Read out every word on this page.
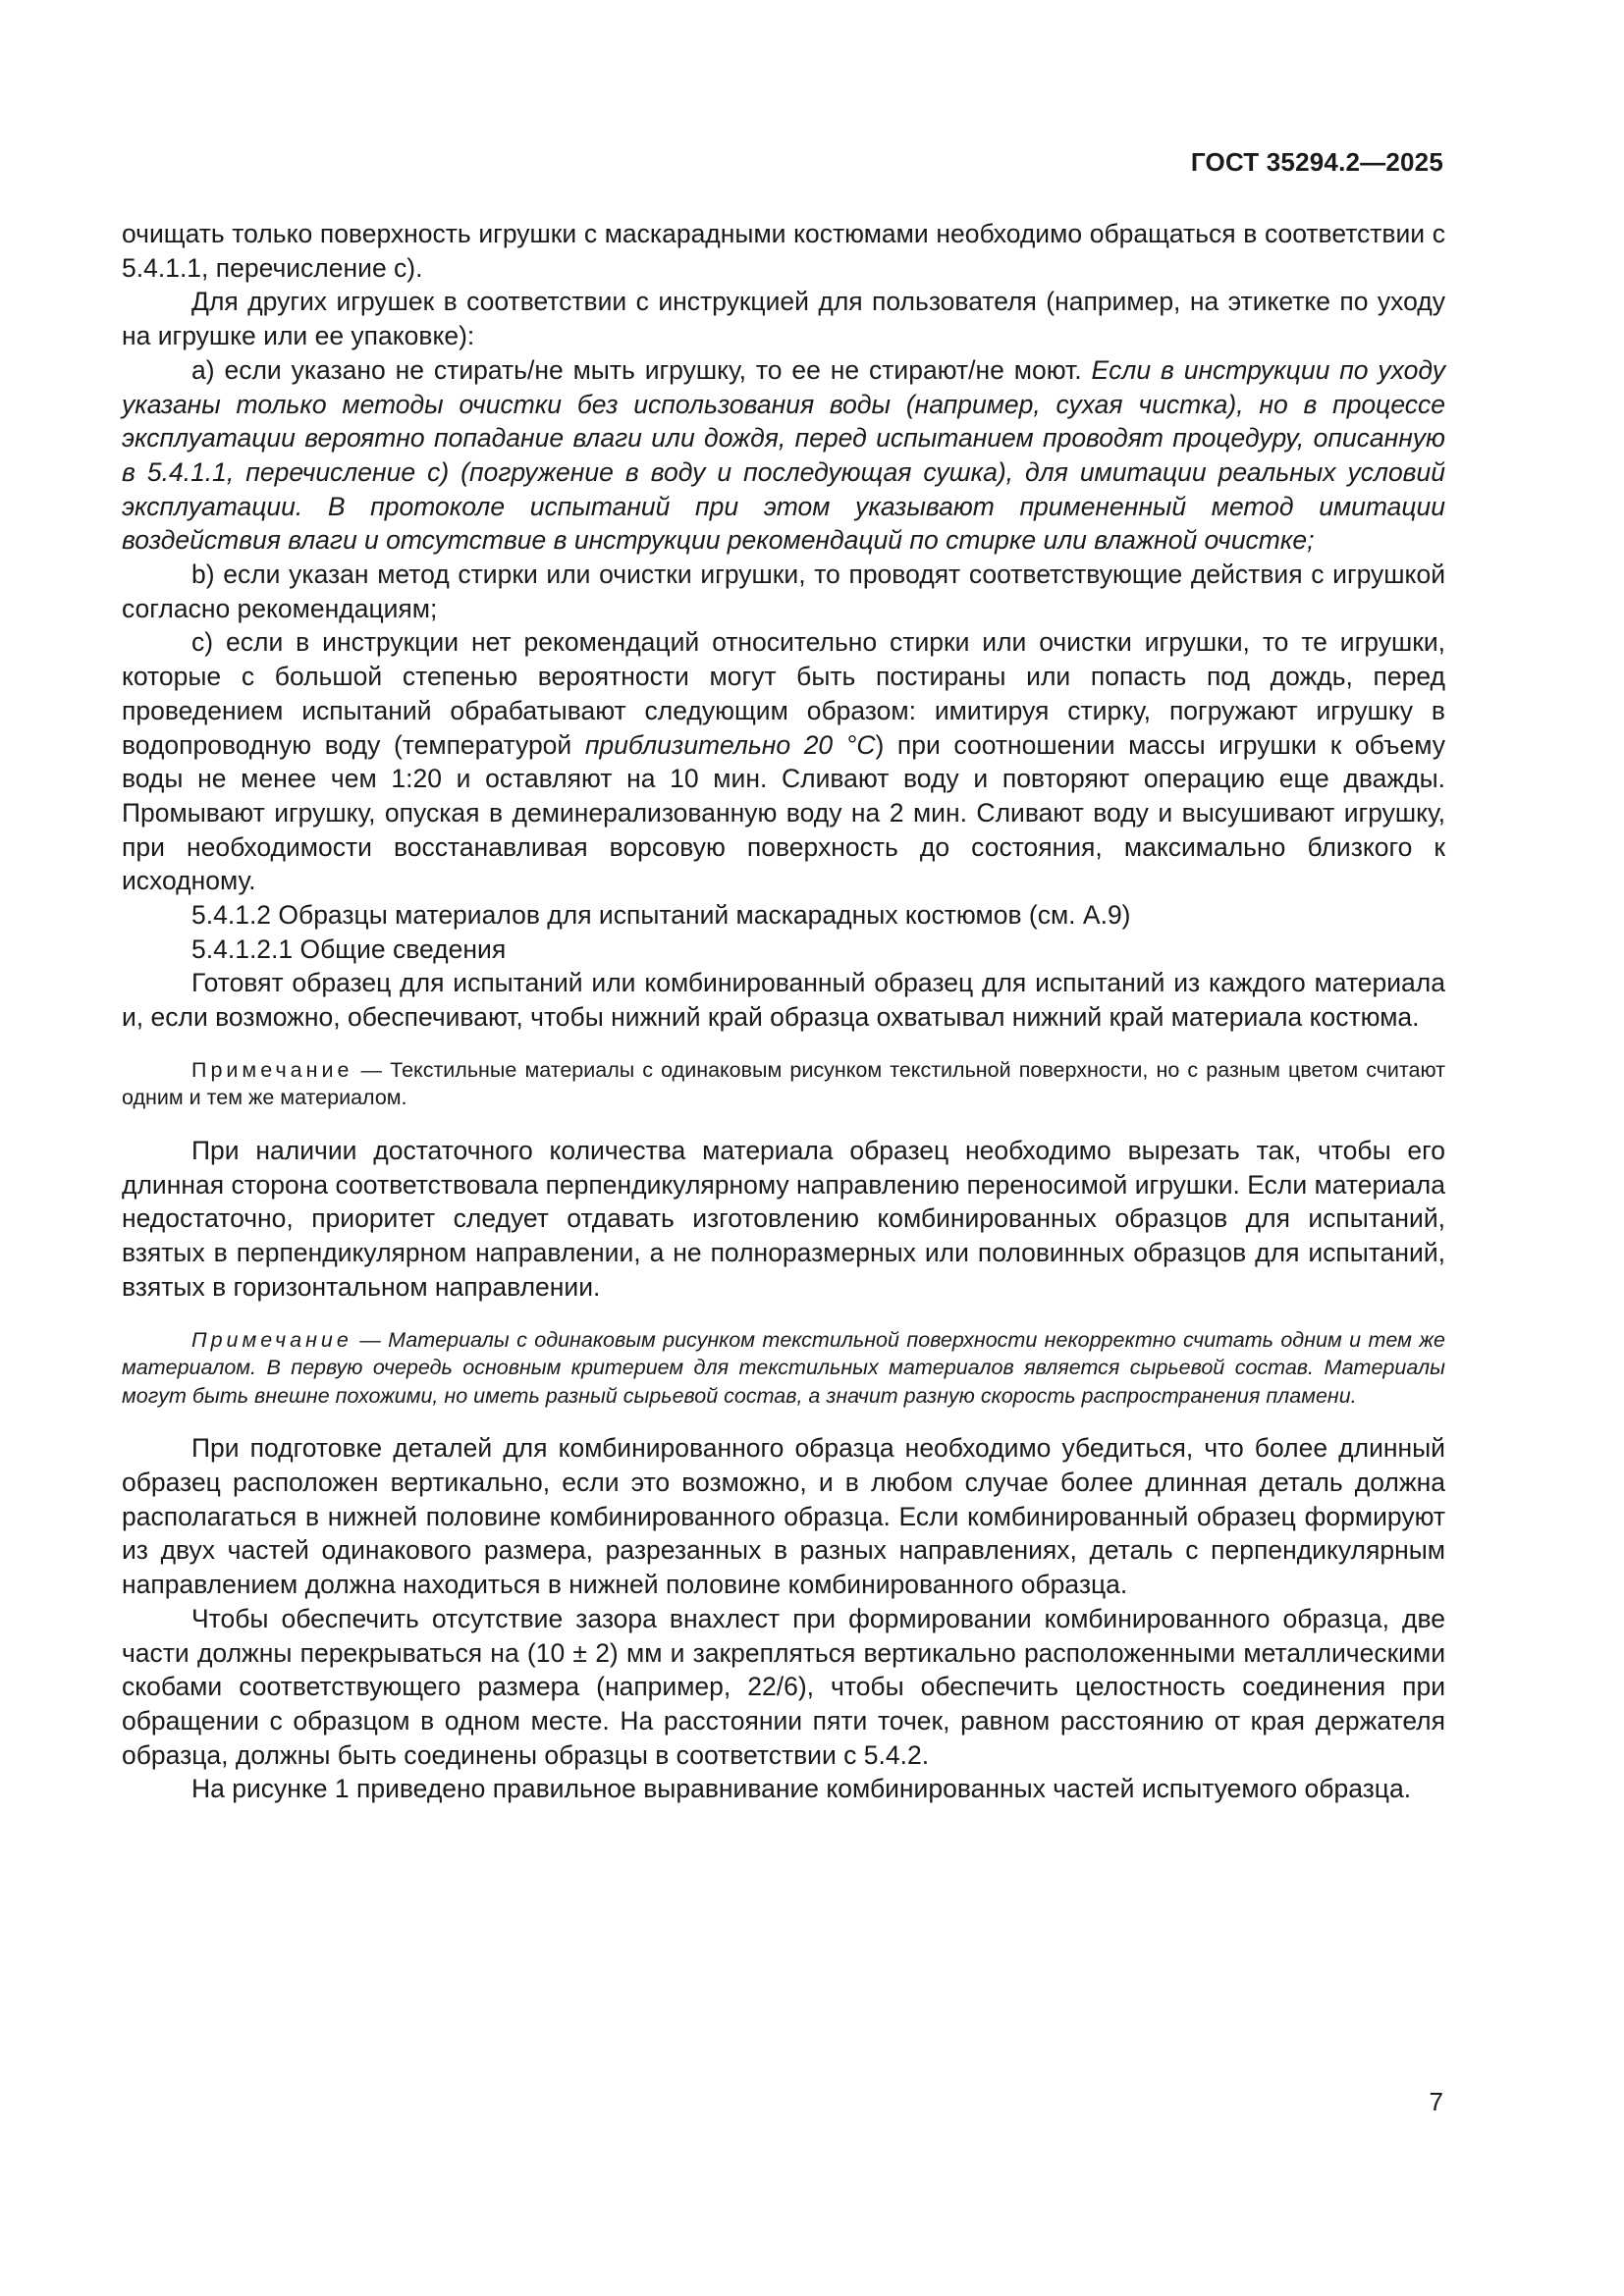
ГОСТ 35294.2—2025

очищать только поверхность игрушки с маскарадными костюмами необходимо обращаться в соответствии с 5.4.1.1, перечисление с).

Для других игрушек в соответствии с инструкцией для пользователя (например, на этикетке по уходу на игрушке или ее упаковке):

а) если указано не стирать/не мыть игрушку, то ее не стирают/не моют. Если в инструкции по уходу указаны только методы очистки без использования воды (например, сухая чистка), но в процессе эксплуатации вероятно попадание влаги или дождя, перед испытанием проводят процедуру, описанную в 5.4.1.1, перечисление с) (погружение в воду и последующая сушка), для имитации реальных условий эксплуатации. В протоколе испытаний при этом указывают примененный метод имитации воздействия влаги и отсутствие в инструкции рекомендаций по стирке или влажной очистке;

b) если указан метод стирки или очистки игрушки, то проводят соответствующие действия с игрушкой согласно рекомендациям;

с) если в инструкции нет рекомендаций относительно стирки или очистки игрушки, то те игрушки, которые с большой степенью вероятности могут быть постираны или попасть под дождь, перед проведением испытаний обрабатывают следующим образом: имитируя стирку, погружают игрушку в водопроводную воду (температурой приблизительно 20 °С) при соотношении массы игрушки к объему воды не менее чем 1:20 и оставляют на 10 мин. Сливают воду и повторяют операцию еще дважды. Промывают игрушку, опуская в деминерализованную воду на 2 мин. Сливают воду и высушивают игрушку, при необходимости восстанавливая ворсовую поверхность до состояния, максимально близкого к исходному.

5.4.1.2 Образцы материалов для испытаний маскарадных костюмов (см. А.9)

5.4.1.2.1 Общие сведения

Готовят образец для испытаний или комбинированный образец для испытаний из каждого материала и, если возможно, обеспечивают, чтобы нижний край образца охватывал нижний край материала костюма.

Примечание — Текстильные материалы с одинаковым рисунком текстильной поверхности, но с разным цветом считают одним и тем же материалом.

При наличии достаточного количества материала образец необходимо вырезать так, чтобы его длинная сторона соответствовала перпендикулярному направлению переносимой игрушки. Если материала недостаточно, приоритет следует отдавать изготовлению комбинированных образцов для испытаний, взятых в перпендикулярном направлении, а не полноразмерных или половинных образцов для испытаний, взятых в горизонтальном направлении.

Примечание — Материалы с одинаковым рисунком текстильной поверхности некорректно считать одним и тем же материалом. В первую очередь основным критерием для текстильных материалов является сырьевой состав. Материалы могут быть внешне похожими, но иметь разный сырьевой состав, а значит разную скорость распространения пламени.

При подготовке деталей для комбинированного образца необходимо убедиться, что более длинный образец расположен вертикально, если это возможно, и в любом случае более длинная деталь должна располагаться в нижней половине комбинированного образца. Если комбинированный образец формируют из двух частей одинакового размера, разрезанных в разных направлениях, деталь с перпендикулярным направлением должна находиться в нижней половине комбинированного образца.

Чтобы обеспечить отсутствие зазора внахлест при формировании комбинированного образца, две части должны перекрываться на (10 ± 2) мм и закрепляться вертикально расположенными металлическими скобами соответствующего размера (например, 22/6), чтобы обеспечить целостность соединения при обращении с образцом в одном месте. На расстоянии пяти точек, равном расстоянию от края держателя образца, должны быть соединены образцы в соответствии с 5.4.2.

На рисунке 1 приведено правильное выравнивание комбинированных частей испытуемого образца.

7
